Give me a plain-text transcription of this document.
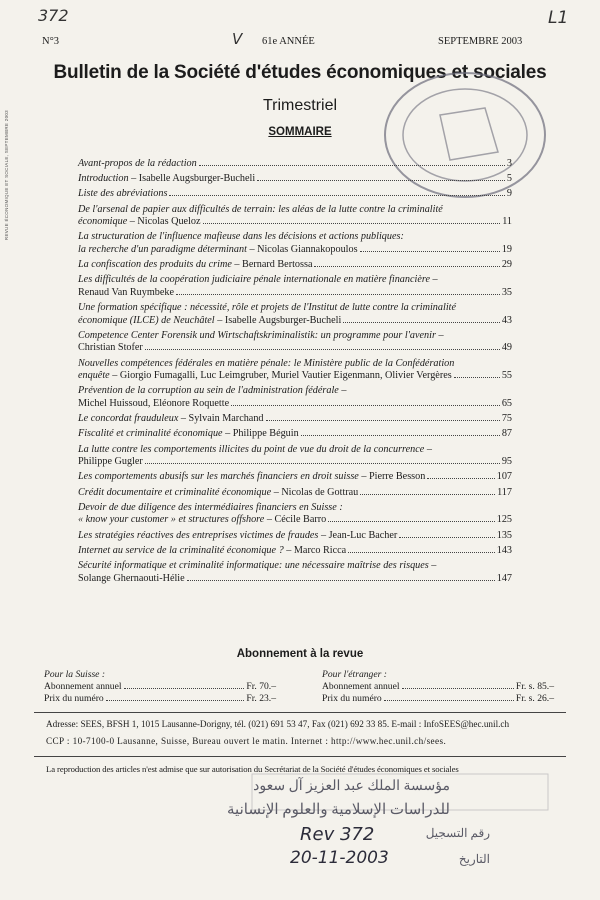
372	L1
V
N°3	61e ANNÉE	SEPTEMBRE 2003
REVUE ÉCONOMIQUE ET SOCIALE, SEPTEMBRE 2003
Bulletin de la Société d'études économiques et sociales
Trimestriel
SOMMAIRE
Avant-propos de la rédaction	3
Introduction – Isabelle Augsburger-Bucheli	5
Liste des abréviations	9
De l'arsenal de papier aux difficultés de terrain: les aléas de la lutte contre la criminalité
économique – Nicolas Queloz	11
La structuration de l'influence mafieuse dans les décisions et actions publiques:
la recherche d'un paradigme déterminant – Nicolas Giannakopoulos	19
La confiscation des produits du crime – Bernard Bertossa	29
Les difficultés de la coopération judiciaire pénale internationale en matière financière –
Renaud Van Ruymbeke	35
Une formation spécifique : nécessité, rôle et projets de l'Institut de lutte contre la criminalité
économique (ILCE) de Neuchâtel – Isabelle Augsburger-Bucheli	43
Competence Center Forensik und Wirtschaftskriminalistik: un programme pour l'avenir –
Christian Stofer	49
Nouvelles compétences fédérales en matière pénale: le Ministère public de la Confédération
enquête – Giorgio Fumagalli, Luc Leimgruber, Muriel Vautier Eigenmann, Olivier Vergères	55
Prévention de la corruption au sein de l'administration fédérale –
Michel Huissoud, Eléonore Roquette	65
Le concordat frauduleux – Sylvain Marchand	75
Fiscalité et criminalité économique – Philippe Béguin	87
La lutte contre les comportements illicites du point de vue du droit de la concurrence –
Philippe Gugler	95
Les comportements abusifs sur les marchés financiers en droit suisse – Pierre Besson	107
Crédit documentaire et criminalité économique – Nicolas de Gottrau	117
Devoir de due diligence des intermédiaires financiers en Suisse :
« know your customer » et structures offshore – Cécile Barro	125
Les stratégies réactives des entreprises victimes de fraudes – Jean-Luc Bacher	135
Internet au service de la criminalité économique ? – Marco Ricca	143
Sécurité informatique et criminalité informatique: une nécessaire maîtrise des risques –
Solange Ghernaouti-Hélie	147
Abonnement à la revue
Pour la Suisse :
Abonnement annuel	Fr. 70.–
Prix du numéro	Fr. 23.–
Pour l'étranger :
Abonnement annuel	Fr. s. 85.–
Prix du numéro	Fr. s. 26.–
Adresse: SEES, BFSH 1, 1015 Lausanne-Dorigny, tél. (021) 691 53 47, Fax (021) 692 33 85. E-mail : InfoSEES@hec.unil.ch
CCP : 10-7100-0 Lausanne, Suisse, Bureau ouvert le matin. Internet : http://www.hec.unil.ch/sees.
La reproduction des articles n'est admise que sur autorisation du Secrétariat de la Société d'études économiques et sociales
مؤسسة الملك عبد العزيز آل سعود
للدراسات الإسلامية والعلوم الإنسانية
رقم التسجيل
Rev 372
التاريخ
20-11-2003
